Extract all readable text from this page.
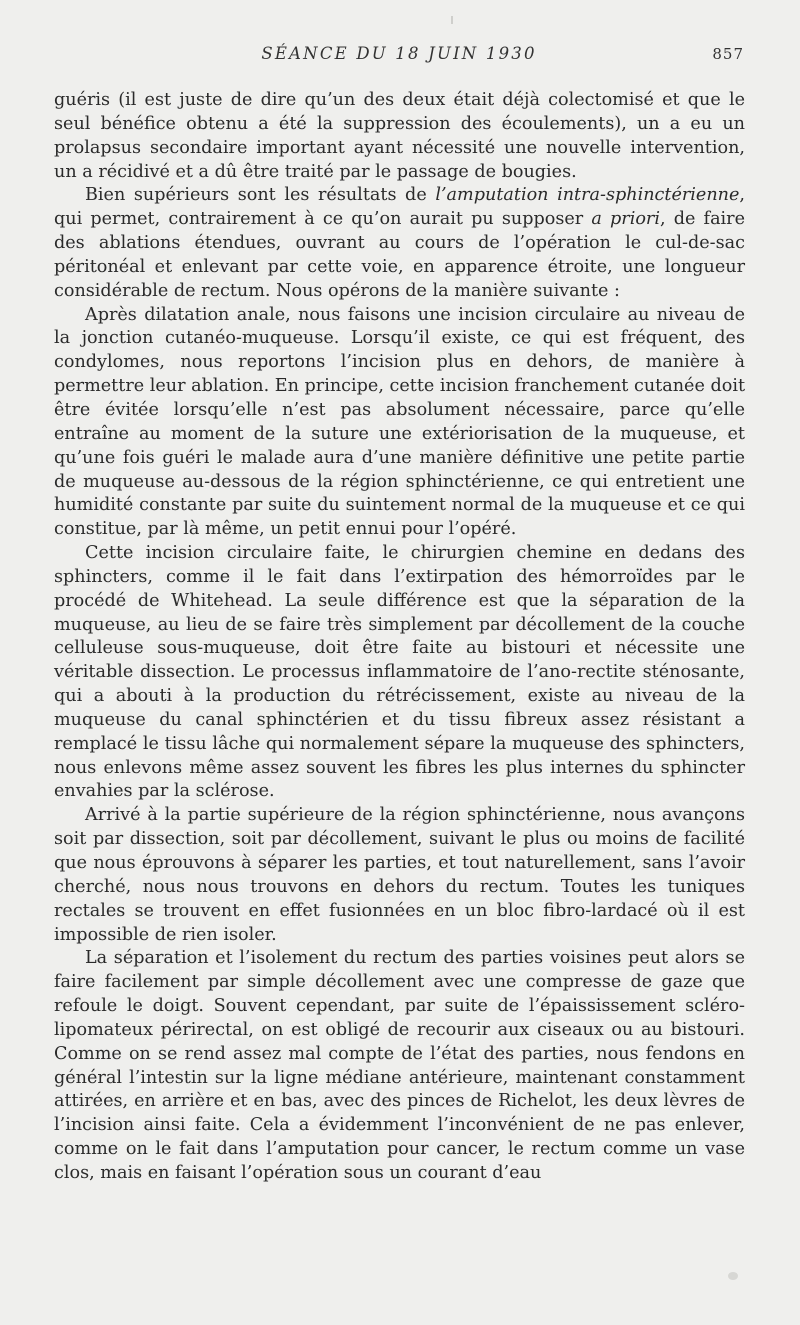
SÉANCE DU 18 JUIN 1930	857

guéris (il est juste de dire qu’un des deux était déjà colectomisé et que le seul bénéfice obtenu a été la suppression des écoulements), un a eu un prolapsus secondaire important ayant nécessité une nouvelle intervention, un a récidivé et a dû être traité par le passage de bougies.

Bien supérieurs sont les résultats de l’amputation intra-sphinctérienne, qui permet, contrairement à ce qu’on aurait pu supposer a priori, de faire des ablations étendues, ouvrant au cours de l’opération le cul-de-sac péritonéal et enlevant par cette voie, en apparence étroite, une longueur considérable de rectum. Nous opérons de la manière suivante :

Après dilatation anale, nous faisons une incision circulaire au niveau de la jonction cutanéo-muqueuse. Lorsqu’il existe, ce qui est fréquent, des condylomes, nous reportons l’incision plus en dehors, de manière à permettre leur ablation. En principe, cette incision franchement cutanée doit être évitée lorsqu’elle n’est pas absolument nécessaire, parce qu’elle entraîne au moment de la suture une extériorisation de la muqueuse, et qu’une fois guéri le malade aura d’une manière définitive une petite partie de muqueuse au-dessous de la région sphinctérienne, ce qui entretient une humidité constante par suite du suintement normal de la muqueuse et ce qui constitue, par là même, un petit ennui pour l’opéré.

Cette incision circulaire faite, le chirurgien chemine en dedans des sphincters, comme il le fait dans l’extirpation des hémorroïdes par le procédé de Whitehead. La seule différence est que la séparation de la muqueuse, au lieu de se faire très simplement par décollement de la couche celluleuse sous-muqueuse, doit être faite au bistouri et nécessite une véritable dissection. Le processus inflammatoire de l’ano-rectite sténosante, qui a abouti à la production du rétrécissement, existe au niveau de la muqueuse du canal sphinctérien et du tissu fibreux assez résistant a remplacé le tissu lâche qui normalement sépare la muqueuse des sphincters, nous enlevons même assez souvent les fibres les plus internes du sphincter envahies par la sclérose.

Arrivé à la partie supérieure de la région sphinctérienne, nous avançons soit par dissection, soit par décollement, suivant le plus ou moins de facilité que nous éprouvons à séparer les parties, et tout naturellement, sans l’avoir cherché, nous nous trouvons en dehors du rectum. Toutes les tuniques rectales se trouvent en effet fusionnées en un bloc fibro-lardacé où il est impossible de rien isoler.

La séparation et l’isolement du rectum des parties voisines peut alors se faire facilement par simple décollement avec une compresse de gaze que refoule le doigt. Souvent cependant, par suite de l’épaississement scléro-lipomateux périrectal, on est obligé de recourir aux ciseaux ou au bistouri. Comme on se rend assez mal compte de l’état des parties, nous fendons en général l’intestin sur la ligne médiane antérieure, maintenant constamment attirées, en arrière et en bas, avec des pinces de Richelot, les deux lèvres de l’incision ainsi faite. Cela a évidemment l’inconvénient de ne pas enlever, comme on le fait dans l’amputation pour cancer, le rectum comme un vase clos, mais en faisant l’opération sous un courant d’eau
